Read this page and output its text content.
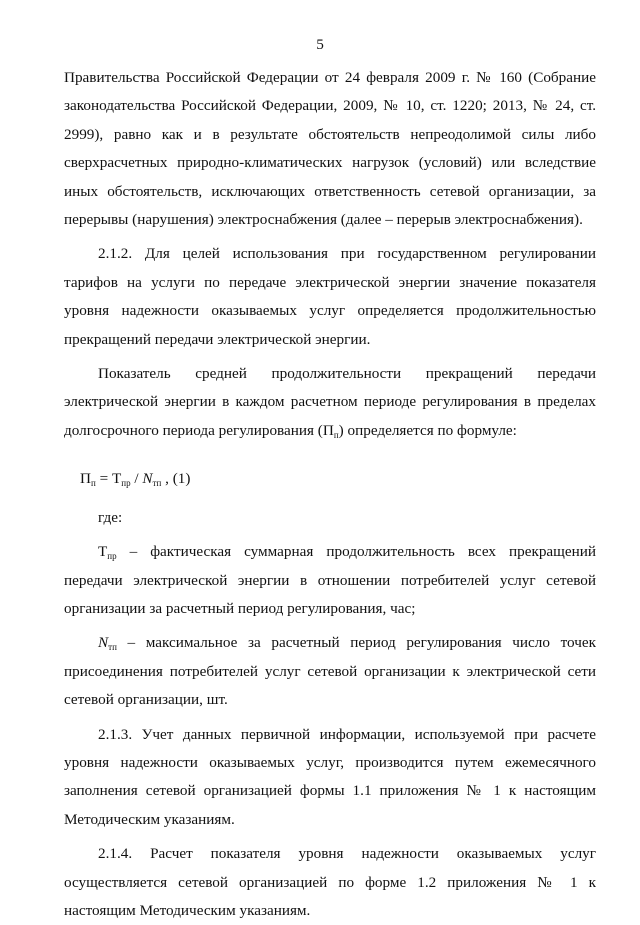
5

Правительства Российской Федерации от 24 февраля 2009 г. № 160 (Собрание законодательства Российской Федерации, 2009, № 10, ст. 1220; 2013, № 24, ст. 2999), равно как и в результате обстоятельств непреодолимой силы либо сверхрасчетных природно-климатических нагрузок (условий) или вследствие иных обстоятельств, исключающих ответственность сетевой организации, за перерывы (нарушения) электроснабжения (далее – перерыв электроснабжения).

2.1.2. Для целей использования при государственном регулировании тарифов на услуги по передаче электрической энергии значение показателя уровня надежности оказываемых услуг определяется продолжительностью прекращений передачи электрической энергии.

Показатель средней продолжительности прекращений передачи электрической энергии в каждом расчетном периоде регулирования в пределах долгосрочного периода регулирования $(П_п)$ определяется по формуле:

$П_п = Т_{пр} / N_{тп}$ , (1)

где:

$Т_{пр}$ – фактическая суммарная продолжительность всех прекращений передачи электрической энергии в отношении потребителей услуг сетевой организации за расчетный период регулирования, час;

$N_{тп}$ – максимальное за расчетный период регулирования число точек присоединения потребителей услуг сетевой организации к электрической сети сетевой организации, шт.

2.1.3. Учет данных первичной информации, используемой при расчете уровня надежности оказываемых услуг, производится путем ежемесячного заполнения сетевой организацией формы 1.1 приложения № 1 к настоящим Методическим указаниям.

2.1.4. Расчет показателя уровня надежности оказываемых услуг осуществляется сетевой организацией по форме 1.2 приложения № 1 к настоящим Методическим указаниям.
